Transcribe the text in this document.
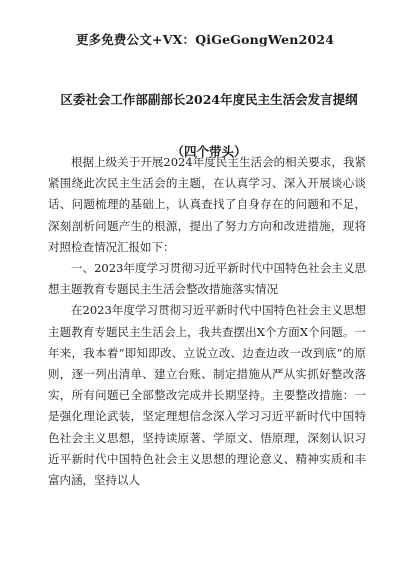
更多免费公文+VX：QiGeGongWen2024
区委社会工作部副部长2024年度民主生活会发言提纲（四个带头）

根据上级关于开展2024年度民主生活会的相关要求，我紧紧围绕此次民主生活会的主题，在认真学习、深入开展谈心谈话、问题梳理的基础上，认真查找了自身存在的问题和不足，深刻剖析问题产生的根源，提出了努力方向和改进措施，现将对照检查情况汇报如下：

一、2023年度学习贯彻习近平新时代中国特色社会主义思想主题教育专题民主生活会整改措施落实情况

在2023年度学习贯彻习近平新时代中国特色社会主义思想主题教育专题民主生活会上，我共查摆出X个方面X个问题。一年来，我本着“即知即改、立说立改、边查边改一改到底”的原则，逐一列出清单、建立台账、制定措施从严从实抓好整改落实，所有问题已全部整改完成并长期坚持。主要整改措施：一是强化理论武装，坚定理想信念深入学习习近平新时代中国特色社会主义思想，坚持读原著、学原文、悟原理，深刻认识习近平新时代中国特色社会主义思想的理论意义、精神实质和丰富内涵，坚持以人
